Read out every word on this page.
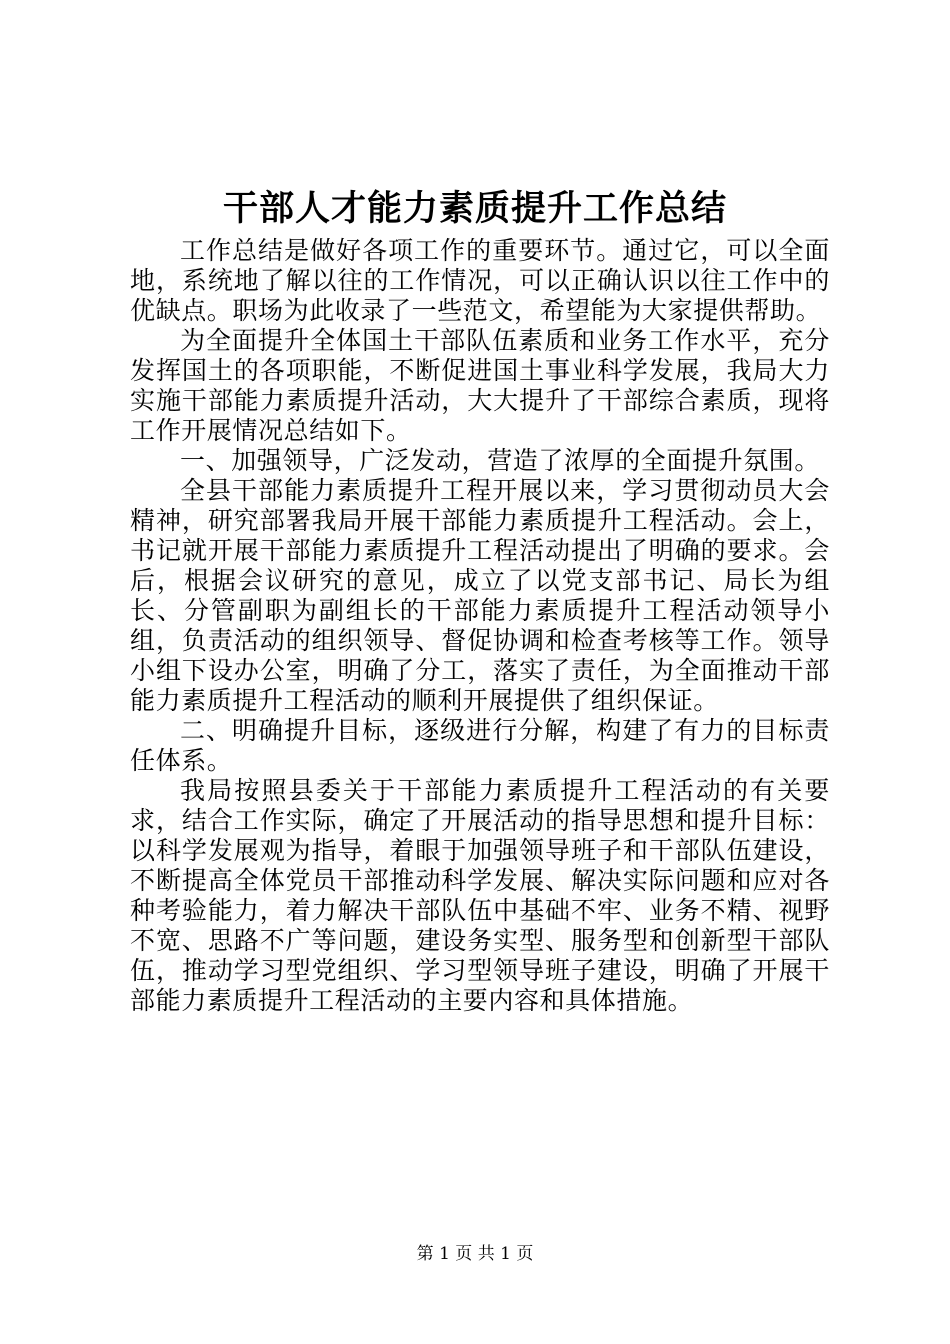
干部人才能力素质提升工作总结

工作总结是做好各项工作的重要环节。通过它，可以全面地，系统地了解以往的工作情况，可以正确认识以往工作中的优缺点。职场为此收录了一些范文，希望能为大家提供帮助。

为全面提升全体国土干部队伍素质和业务工作水平，充分发挥国土的各项职能，不断促进国土事业科学发展，我局大力实施干部能力素质提升活动，大大提升了干部综合素质，现将工作开展情况总结如下。

一、加强领导，广泛发动，营造了浓厚的全面提升氛围。

全县干部能力素质提升工程开展以来，学习贯彻动员大会精神，研究部署我局开展干部能力素质提升工程活动。会上，书记就开展干部能力素质提升工程活动提出了明确的要求。会后，根据会议研究的意见，成立了以党支部书记、局长为组长、分管副职为副组长的干部能力素质提升工程活动领导小组，负责活动的组织领导、督促协调和检查考核等工作。领导小组下设办公室，明确了分工，落实了责任，为全面推动干部能力素质提升工程活动的顺利开展提供了组织保证。

二、明确提升目标，逐级进行分解，构建了有力的目标责任体系。

我局按照县委关于干部能力素质提升工程活动的有关要求，结合工作实际，确定了开展活动的指导思想和提升目标：以科学发展观为指导，着眼于加强领导班子和干部队伍建设，不断提高全体党员干部推动科学发展、解决实际问题和应对各种考验能力，着力解决干部队伍中基础不牢、业务不精、视野不宽、思路不广等问题，建设务实型、服务型和创新型干部队伍，推动学习型党组织、学习型领导班子建设，明确了开展干部能力素质提升工程活动的主要内容和具体措施。

第 1 页 共 1 页
